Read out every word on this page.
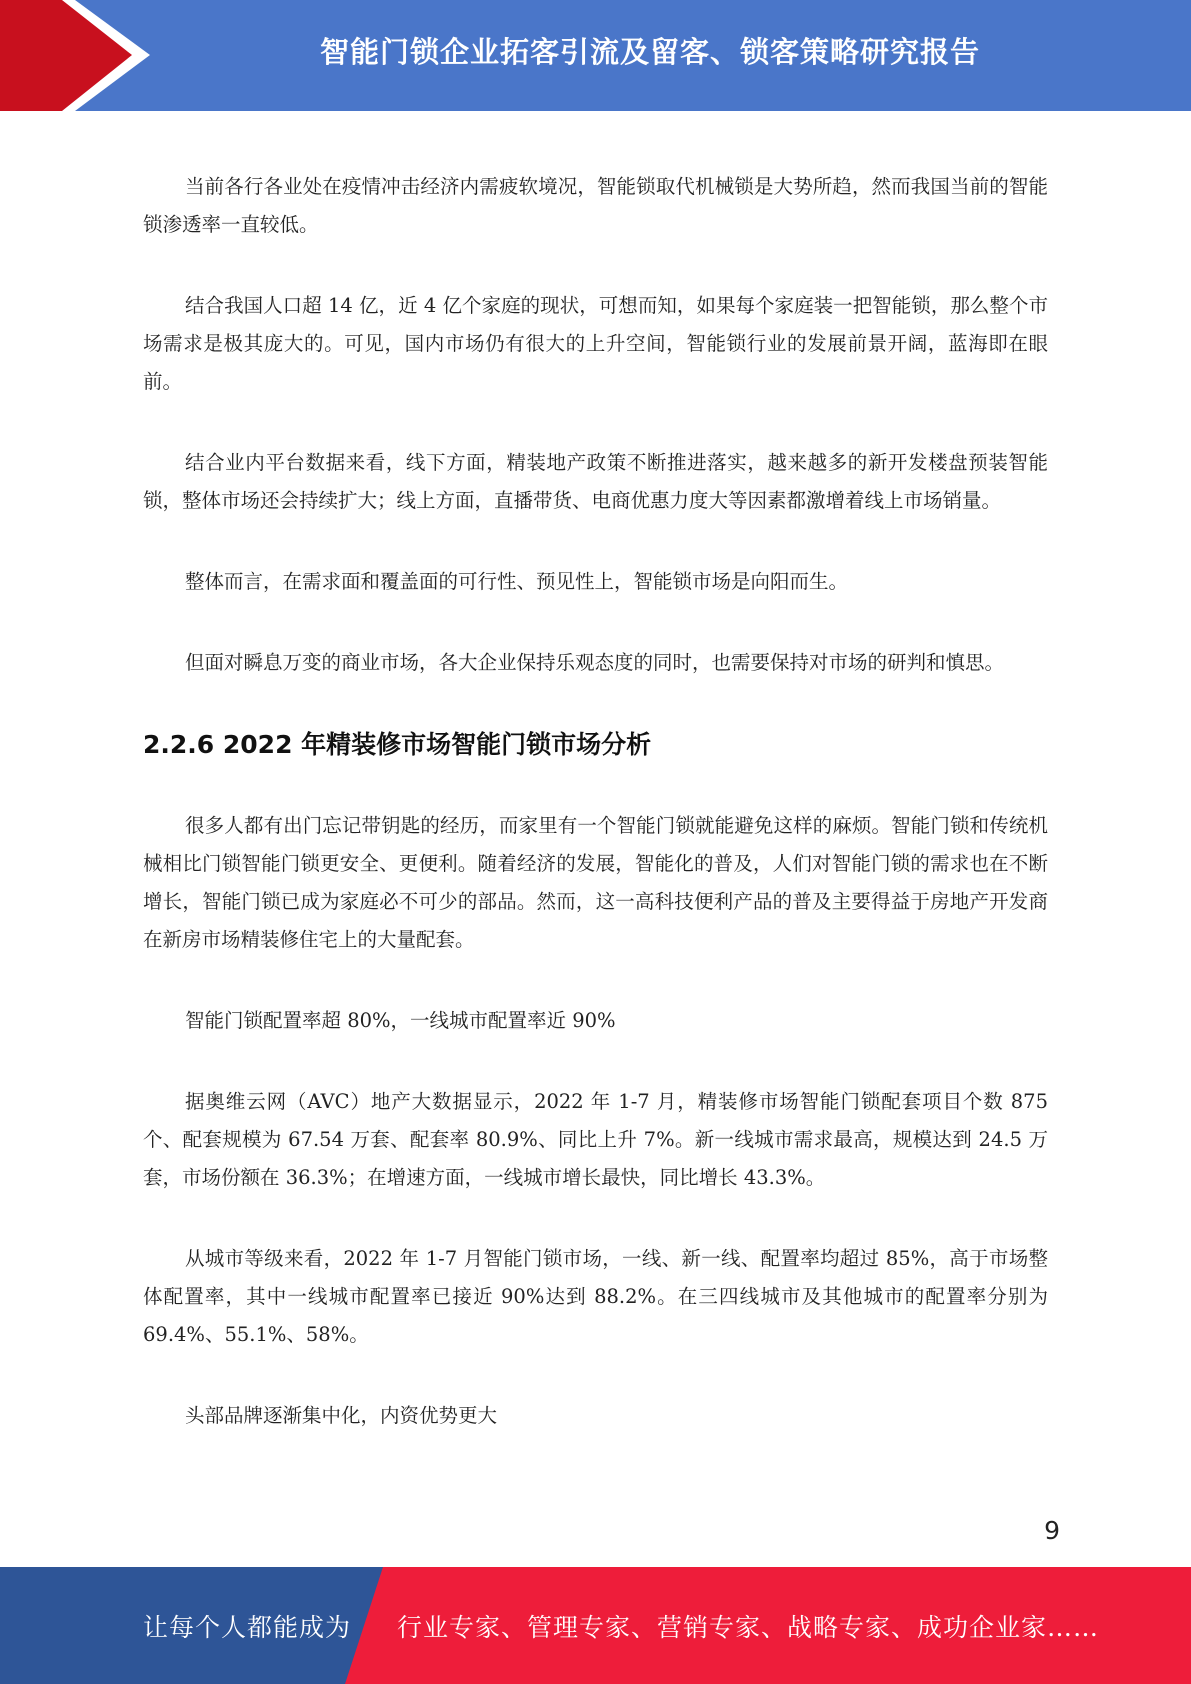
智能门锁企业拓客引流及留客、锁客策略研究报告

当前各行各业处在疫情冲击经济内需疲软境况，智能锁取代机械锁是大势所趋，然而我国当前的智能锁渗透率一直较低。

结合我国人口超 14 亿，近 4 亿个家庭的现状，可想而知，如果每个家庭装一把智能锁，那么整个市场需求是极其庞大的。可见，国内市场仍有很大的上升空间，智能锁行业的发展前景开阔，蓝海即在眼前。

结合业内平台数据来看，线下方面，精装地产政策不断推进落实，越来越多的新开发楼盘预装智能锁，整体市场还会持续扩大；线上方面，直播带货、电商优惠力度大等因素都激增着线上市场销量。

整体而言，在需求面和覆盖面的可行性、预见性上，智能锁市场是向阳而生。

但面对瞬息万变的商业市场，各大企业保持乐观态度的同时，也需要保持对市场的研判和慎思。

2.2.6 2022 年精装修市场智能门锁市场分析

很多人都有出门忘记带钥匙的经历，而家里有一个智能门锁就能避免这样的麻烦。智能门锁和传统机械相比门锁智能门锁更安全、更便利。随着经济的发展，智能化的普及，人们对智能门锁的需求也在不断增长，智能门锁已成为家庭必不可少的部品。然而，这一高科技便利产品的普及主要得益于房地产开发商在新房市场精装修住宅上的大量配套。

智能门锁配置率超 80%，一线城市配置率近 90%

据奥维云网（AVC）地产大数据显示，2022 年 1-7 月，精装修市场智能门锁配套项目个数 875 个、配套规模为 67.54 万套、配套率 80.9%、同比上升 7%。新一线城市需求最高，规模达到 24.5 万套，市场份额在 36.3%；在增速方面，一线城市增长最快，同比增长 43.3%。

从城市等级来看，2022 年 1-7 月智能门锁市场，一线、新一线、配置率均超过 85%，高于市场整体配置率，其中一线城市配置率已接近 90%达到 88.2%。在三四线城市及其他城市的配置率分别为 69.4%、55.1%、58%。

头部品牌逐渐集中化，内资优势更大

9
让每个人都能成为 行业专家、管理专家、营销专家、战略专家、成功企业家……
